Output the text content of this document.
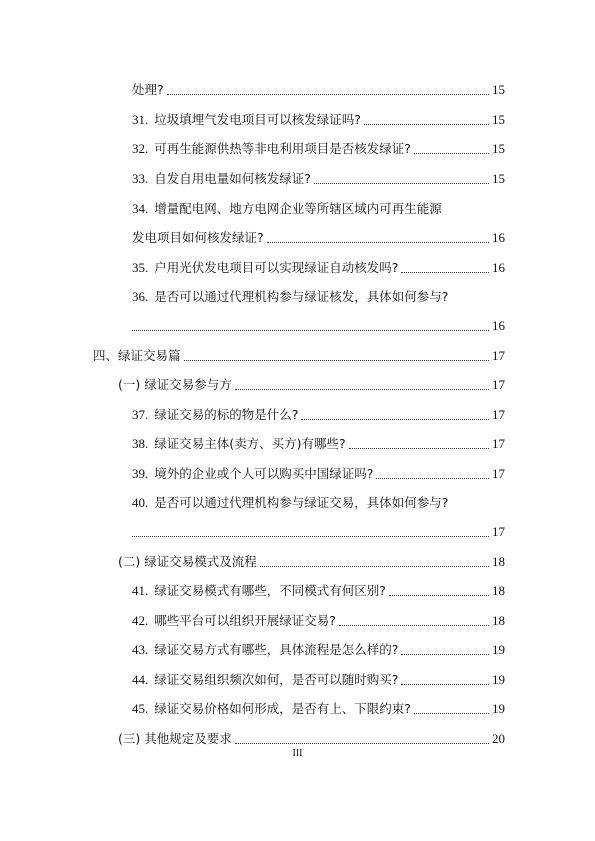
处理?	15
31. 垃圾填埋气发电项目可以核发绿证吗?	15
32. 可再生能源供热等非电利用项目是否核发绿证?	15
33. 自发自用电量如何核发绿证?	15
34. 增量配电网、地方电网企业等所辖区域内可再生能源
发电项目如何核发绿证?	16
35. 户用光伏发电项目可以实现绿证自动核发吗?	16
36. 是否可以通过代理机构参与绿证核发，具体如何参与?
16
四、绿证交易篇	17
(一) 绿证交易参与方	17
37. 绿证交易的标的物是什么?	17
38. 绿证交易主体(卖方、买方)有哪些?	17
39. 境外的企业或个人可以购买中国绿证吗?	17
40. 是否可以通过代理机构参与绿证交易，具体如何参与?
17
(二) 绿证交易模式及流程	18
41. 绿证交易模式有哪些，不同模式有何区别?	18
42. 哪些平台可以组织开展绿证交易?	18
43. 绿证交易方式有哪些，具体流程是怎么样的?	19
44. 绿证交易组织频次如何，是否可以随时购买?	19
45. 绿证交易价格如何形成，是否有上、下限约束?	19
(三) 其他规定及要求	20
III
